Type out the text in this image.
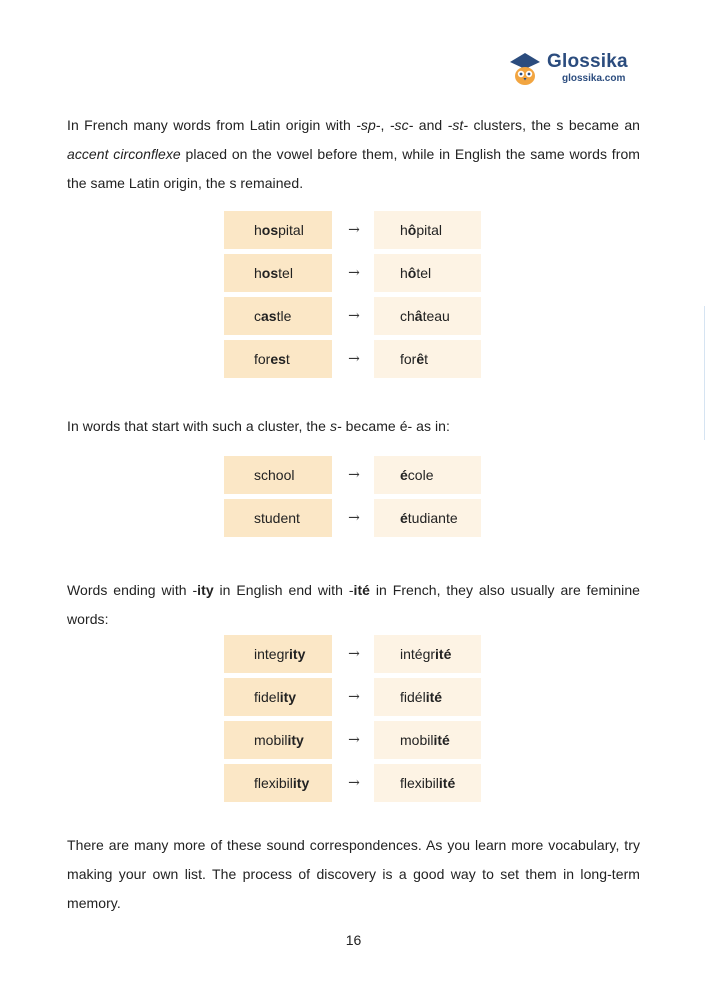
Glossika
glossika.com

In French many words from Latin origin with -sp-, -sc- and -st- clusters, the s became an accent circonflexe placed on the vowel before them, while in English the same words from the same Latin origin, the s remained.

hospital	→	hôpital
hostel	→	hôtel
castle	→	château
forest	→	forêt

In words that start with such a cluster, the s- became é- as in:

school	→	école
student	→	étudiante

Words ending with -ity in English end with -ité in French, they also usually are feminine words:

integrity	→	intégrité
fidelity	→	fidélité
mobility	→	mobilité
flexibility	→	flexibilité

There are many more of these sound correspondences. As you learn more vocabulary, try making your own list. The process of discovery is a good way to set them in long-term memory.

16
